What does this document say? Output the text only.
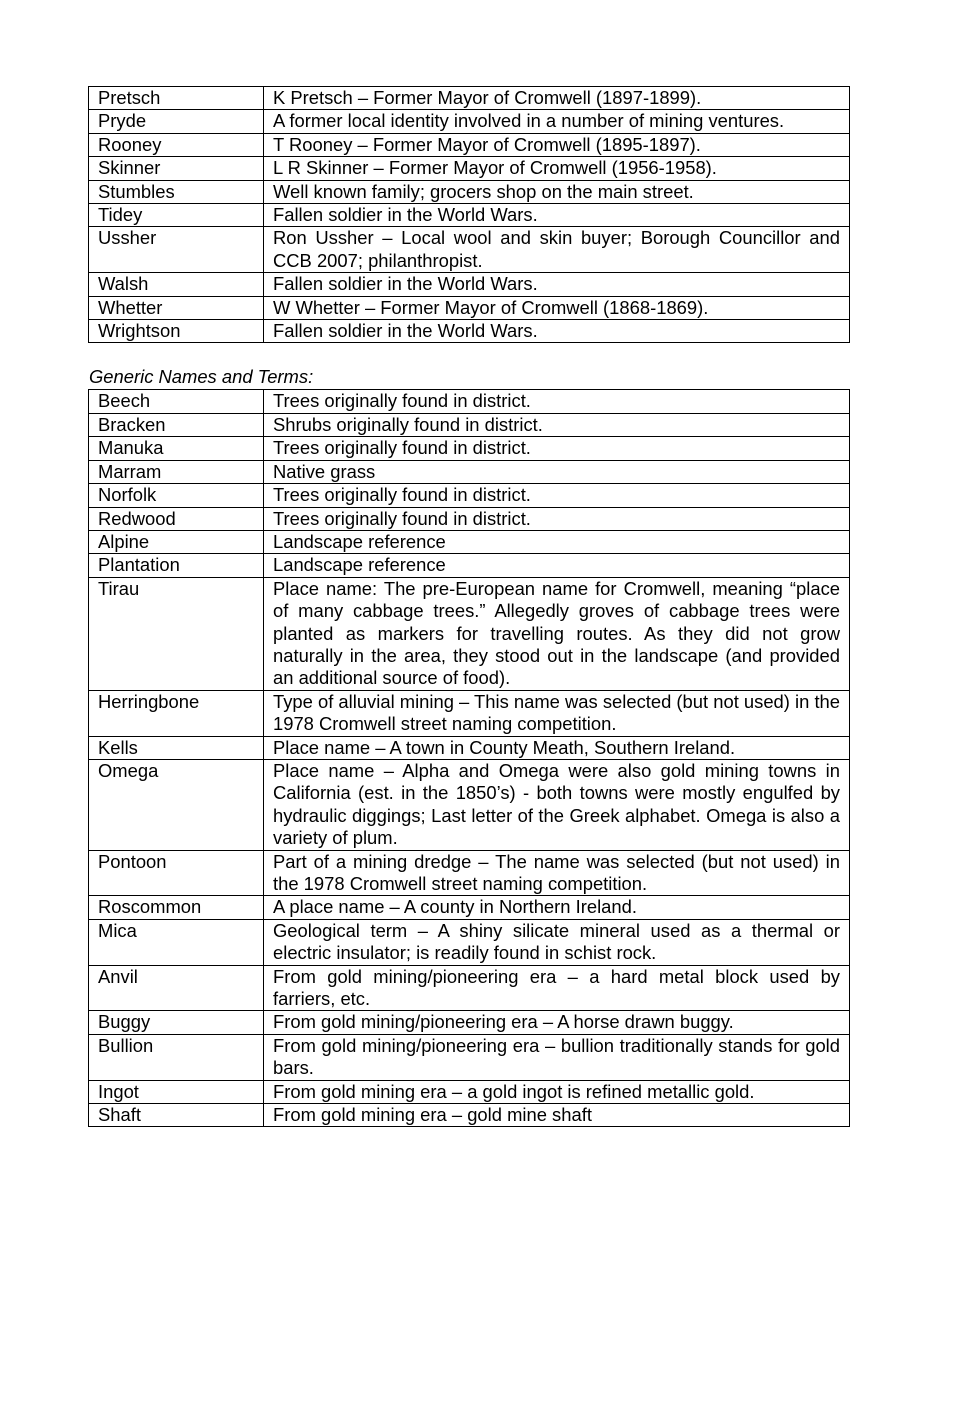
Pretsch	K Pretsch – Former Mayor of Cromwell (1897-1899).
Pryde	A former local identity involved in a number of mining ventures.
Rooney	T Rooney – Former Mayor of Cromwell (1895-1897).
Skinner	L R Skinner – Former Mayor of Cromwell (1956-1958).
Stumbles	Well known family; grocers shop on the main street.
Tidey	Fallen soldier in the World Wars.
Ussher	Ron Ussher – Local wool and skin buyer; Borough Councillor and CCB 2007; philanthropist.
Walsh	Fallen soldier in the World Wars.
Whetter	W Whetter – Former Mayor of Cromwell (1868-1869).
Wrightson	Fallen soldier in the World Wars.
Generic Names and Terms:
Beech	Trees originally found in district.
Bracken	Shrubs originally found in district.
Manuka	Trees originally found in district.
Marram	Native grass
Norfolk	Trees originally found in district.
Redwood	Trees originally found in district.
Alpine	Landscape reference
Plantation	Landscape reference
Tirau	Place name: The pre-European name for Cromwell, meaning “place of many cabbage trees.” Allegedly groves of cabbage trees were planted as markers for travelling routes. As they did not grow naturally in the area, they stood out in the landscape (and provided an additional source of food).
Herringbone	Type of alluvial mining – This name was selected (but not used) in the 1978 Cromwell street naming competition.
Kells	Place name – A town in County Meath, Southern Ireland.
Omega	Place name – Alpha and Omega were also gold mining towns in California (est. in the 1850’s) - both towns were mostly engulfed by hydraulic diggings; Last letter of the Greek alphabet. Omega is also a variety of plum.
Pontoon	Part of a mining dredge – The name was selected (but not used) in the 1978 Cromwell street naming competition.
Roscommon	A place name – A county in Northern Ireland.
Mica	Geological term – A shiny silicate mineral used as a thermal or electric insulator; is readily found in schist rock.
Anvil	From gold mining/pioneering era – a hard metal block used by farriers, etc.
Buggy	From gold mining/pioneering era – A horse drawn buggy.
Bullion	From gold mining/pioneering era – bullion traditionally stands for gold bars.
Ingot	From gold mining era – a gold ingot is refined metallic gold.
Shaft	From gold mining era – gold mine shaft
